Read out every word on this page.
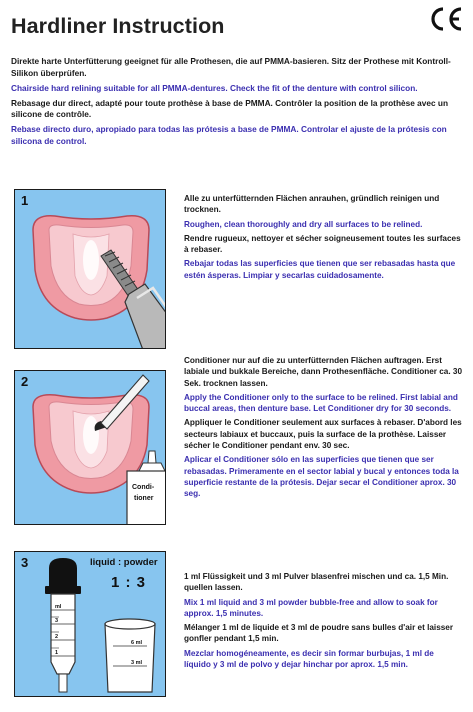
Hardliner Instruction

Direkte harte Unterfütterung geeignet für alle Prothesen, die auf PMMA-basieren. Sitz der Prothese mit Kontroll-Silikon überprüfen.

Chairside hard relining suitable for all PMMA-dentures. Check the fit of the denture with control silicon.

Rebasage dur direct, adapté pour toute prothèse à base de PMMA. Contrôler la position de la prothèse avec un silicone de contrôle.

Rebase directo duro, apropiado para todas las prótesis a base de PMMA. Controlar el ajuste de la prótesis con silicona de control.

1	Alle zu unterfütternden Flächen anrauhen, gründlich reinigen und trocknen.

Roughen, clean thoroughly and dry all surfaces to be relined.

Rendre rugueux, nettoyer et sécher soigneusement toutes les surfaces à rebaser.

Rebajar todas las superficies que tienen que ser rebasadas hasta que estén ásperas. Limpiar y secarlas cuidadosamente.

Condi-
tioner
2

Conditioner nur auf die zu unterfütternden Flächen auftragen. Erst labiale und bukkale Bereiche, dann Prothesenfläche. Conditioner ca. 30 Sek. trocknen lassen.

Apply the Conditioner only to the surface to be relined. First labial and buccal areas, then denture base. Let Conditioner dry for 30 seconds.

Appliquer le Conditioner seulement aux surfaces à rebaser. D'abord les secteurs labiaux et buccaux, puis la surface de la prothèse. Laisser sécher le Conditioner pendant env. 30 sec.

Aplicar el Conditioner sólo en las superficies que tienen que ser rebasadas. Primeramente en el sector labial y bucal y entonces toda la superficie restante de la prótesis. Dejar secar el Conditioner aprox. 30 seg.

ml
3
2
1
6 ml
3 ml
3	liquid : powder
1 : 3	1 ml Flüssigkeit und 3 ml Pulver blasenfrei mischen und ca. 1,5 Min. quellen lassen.

Mix 1 ml liquid and 3 ml powder bubble-free and allow to soak for approx. 1,5 minutes.

Mélanger 1 ml de liquide et 3 ml de poudre sans bulles d'air et laisser gonfler pendant 1,5 min.

Mezclar homogéneamente, es decir sin formar burbujas, 1 ml de líquido y 3 ml de polvo y dejar hinchar por aprox. 1,5 min.
